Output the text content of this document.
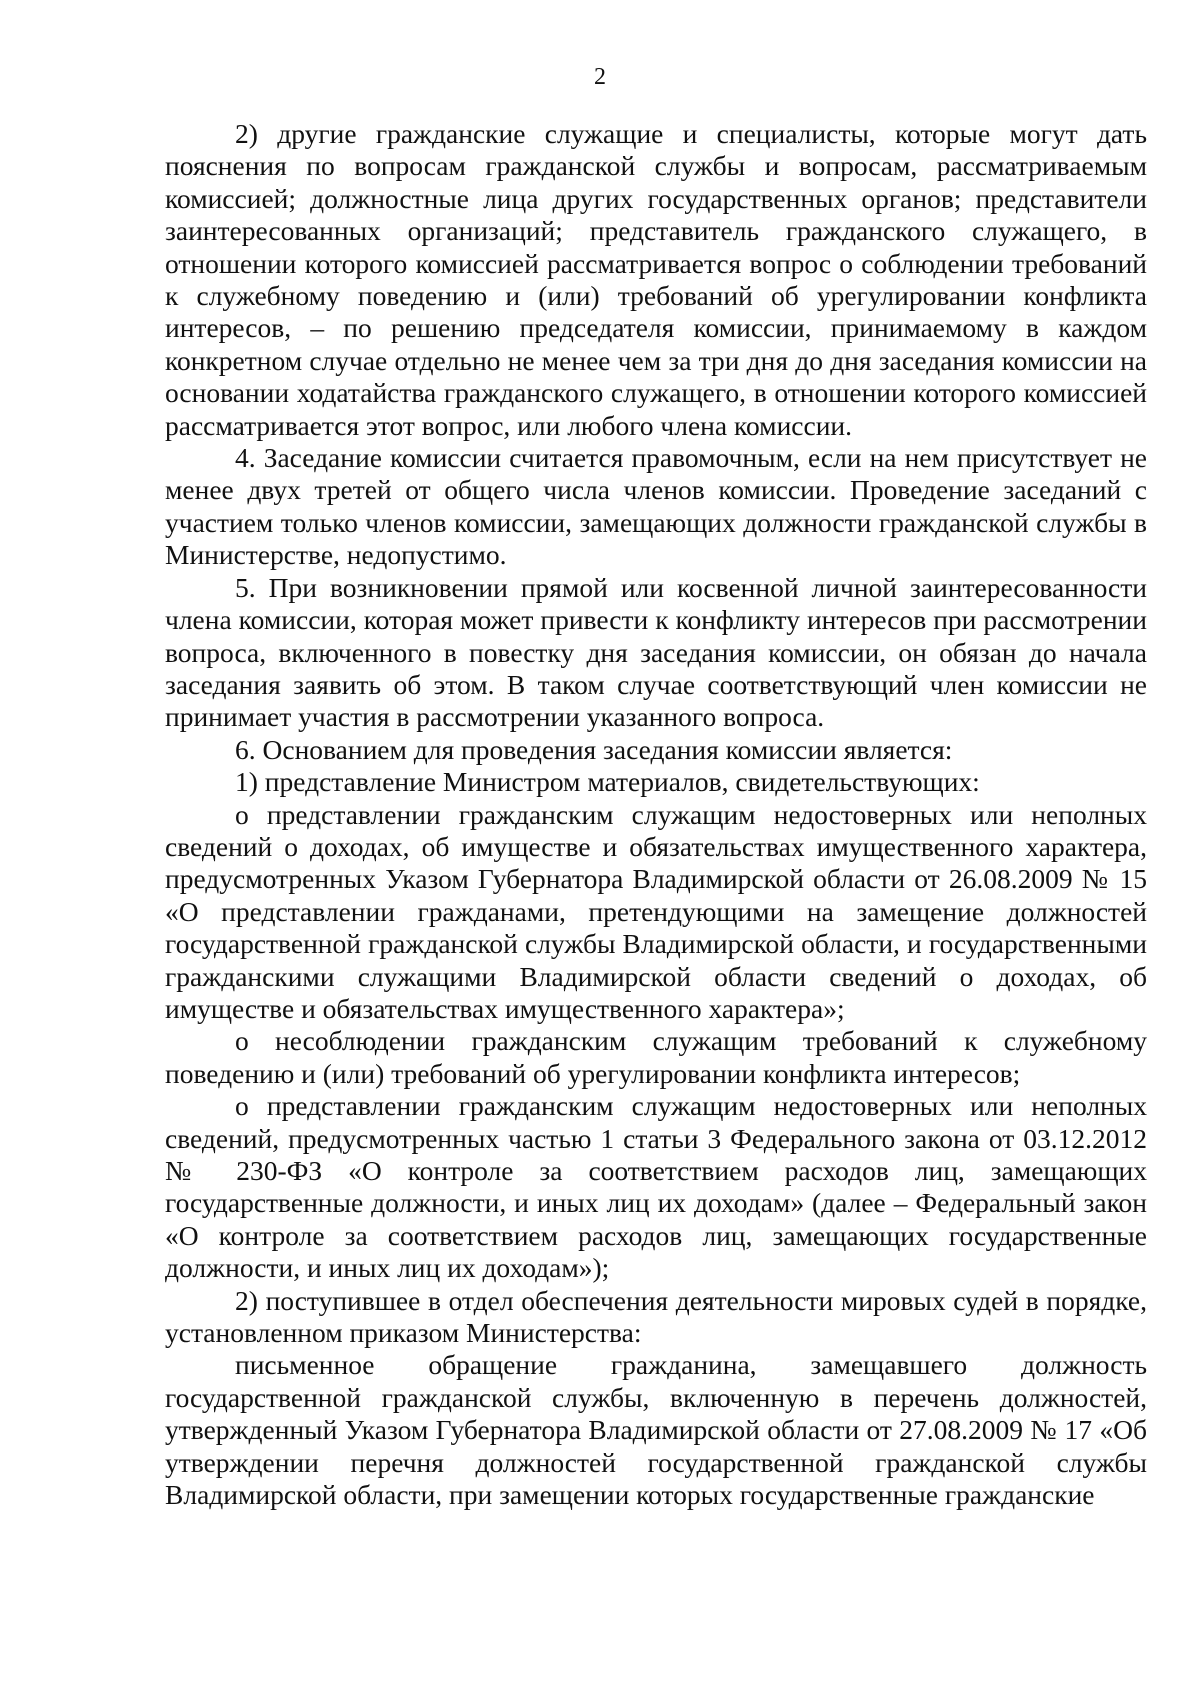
2

2) другие гражданские служащие и специалисты, которые могут дать пояснения по вопросам гражданской службы и вопросам, рассматриваемым комиссией; должностные лица других государственных органов; представители заинтересованных организаций; представитель гражданского служащего, в отношении которого комиссией рассматривается вопрос о соблюдении требований к служебному поведению и (или) требований об урегулировании конфликта интересов, – по решению председателя комиссии, принимаемому в каждом конкретном случае отдельно не менее чем за три дня до дня заседания комиссии на основании ходатайства гражданского служащего, в отношении которого комиссией рассматривается этот вопрос, или любого члена комиссии.

4. Заседание комиссии считается правомочным, если на нем присутствует не менее двух третей от общего числа членов комиссии. Проведение заседаний с участием только членов комиссии, замещающих должности гражданской службы в Министерстве, недопустимо.

5. При возникновении прямой или косвенной личной заинтересованности члена комиссии, которая может привести к конфликту интересов при рассмотрении вопроса, включенного в повестку дня заседания комиссии, он обязан до начала заседания заявить об этом. В таком случае соответствующий член комиссии не принимает участия в рассмотрении указанного вопроса.

6. Основанием для проведения заседания комиссии является:

1) представление Министром материалов, свидетельствующих:

о представлении гражданским служащим недостоверных или неполных сведений о доходах, об имуществе и обязательствах имущественного характера, предусмотренных Указом Губернатора Владимирской области от 26.08.2009 № 15 «О представлении гражданами, претендующими на замещение должностей государственной гражданской службы Владимирской области, и государственными гражданскими служащими Владимирской области сведений о доходах, об имуществе и обязательствах имущественного характера»;

о несоблюдении гражданским служащим требований к служебному поведению и (или) требований об урегулировании конфликта интересов;

о представлении гражданским служащим недостоверных или неполных сведений, предусмотренных частью 1 статьи 3 Федерального закона от 03.12.2012 № 230-ФЗ «О контроле за соответствием расходов лиц, замещающих государственные должности, и иных лиц их доходам» (далее – Федеральный закон «О контроле за соответствием расходов лиц, замещающих государственные должности, и иных лиц их доходам»);

2) поступившее в отдел обеспечения деятельности мировых судей в порядке, установленном приказом Министерства:

письменное обращение гражданина, замещавшего должность государственной гражданской службы, включенную в перечень должностей, утвержденный Указом Губернатора Владимирской области от 27.08.2009 № 17 «Об утверждении перечня должностей государственной гражданской службы Владимирской области, при замещении которых государственные гражданские
